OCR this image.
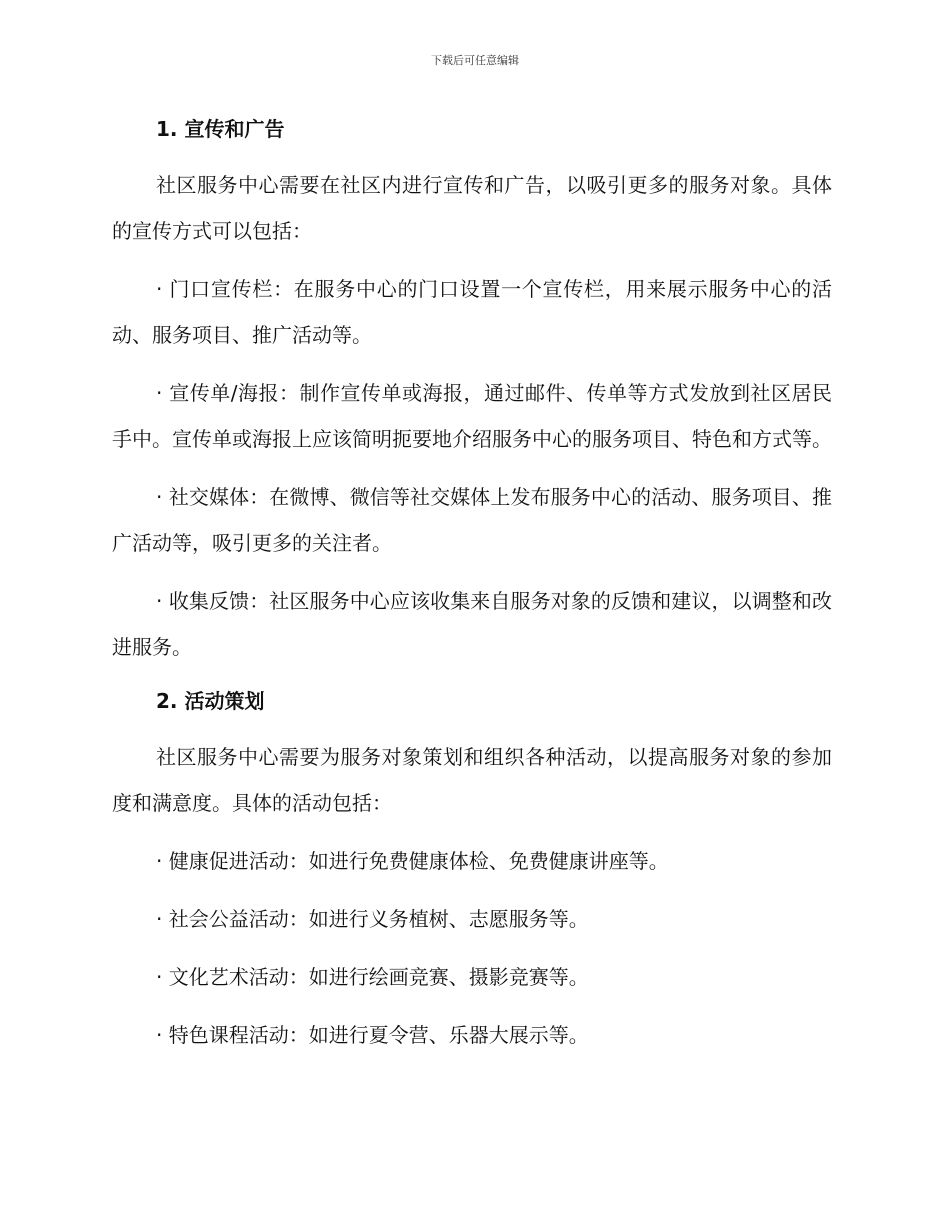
下载后可任意编辑
1. 宣传和广告

社区服务中心需要在社区内进行宣传和广告，以吸引更多的服务对象。具体的宣传方式可以包括：

· 门口宣传栏：在服务中心的门口设置一个宣传栏，用来展示服务中心的活动、服务项目、推广活动等。

· 宣传单/海报：制作宣传单或海报，通过邮件、传单等方式发放到社区居民手中。宣传单或海报上应该简明扼要地介绍服务中心的服务项目、特色和方式等。

· 社交媒体：在微博、微信等社交媒体上发布服务中心的活动、服务项目、推广活动等，吸引更多的关注者。

· 收集反馈：社区服务中心应该收集来自服务对象的反馈和建议，以调整和改进服务。

2. 活动策划

社区服务中心需要为服务对象策划和组织各种活动，以提高服务对象的参加度和满意度。具体的活动包括：

· 健康促进活动：如进行免费健康体检、免费健康讲座等。

· 社会公益活动：如进行义务植树、志愿服务等。

· 文化艺术活动：如进行绘画竞赛、摄影竞赛等。

· 特色课程活动：如进行夏令营、乐器大展示等。
